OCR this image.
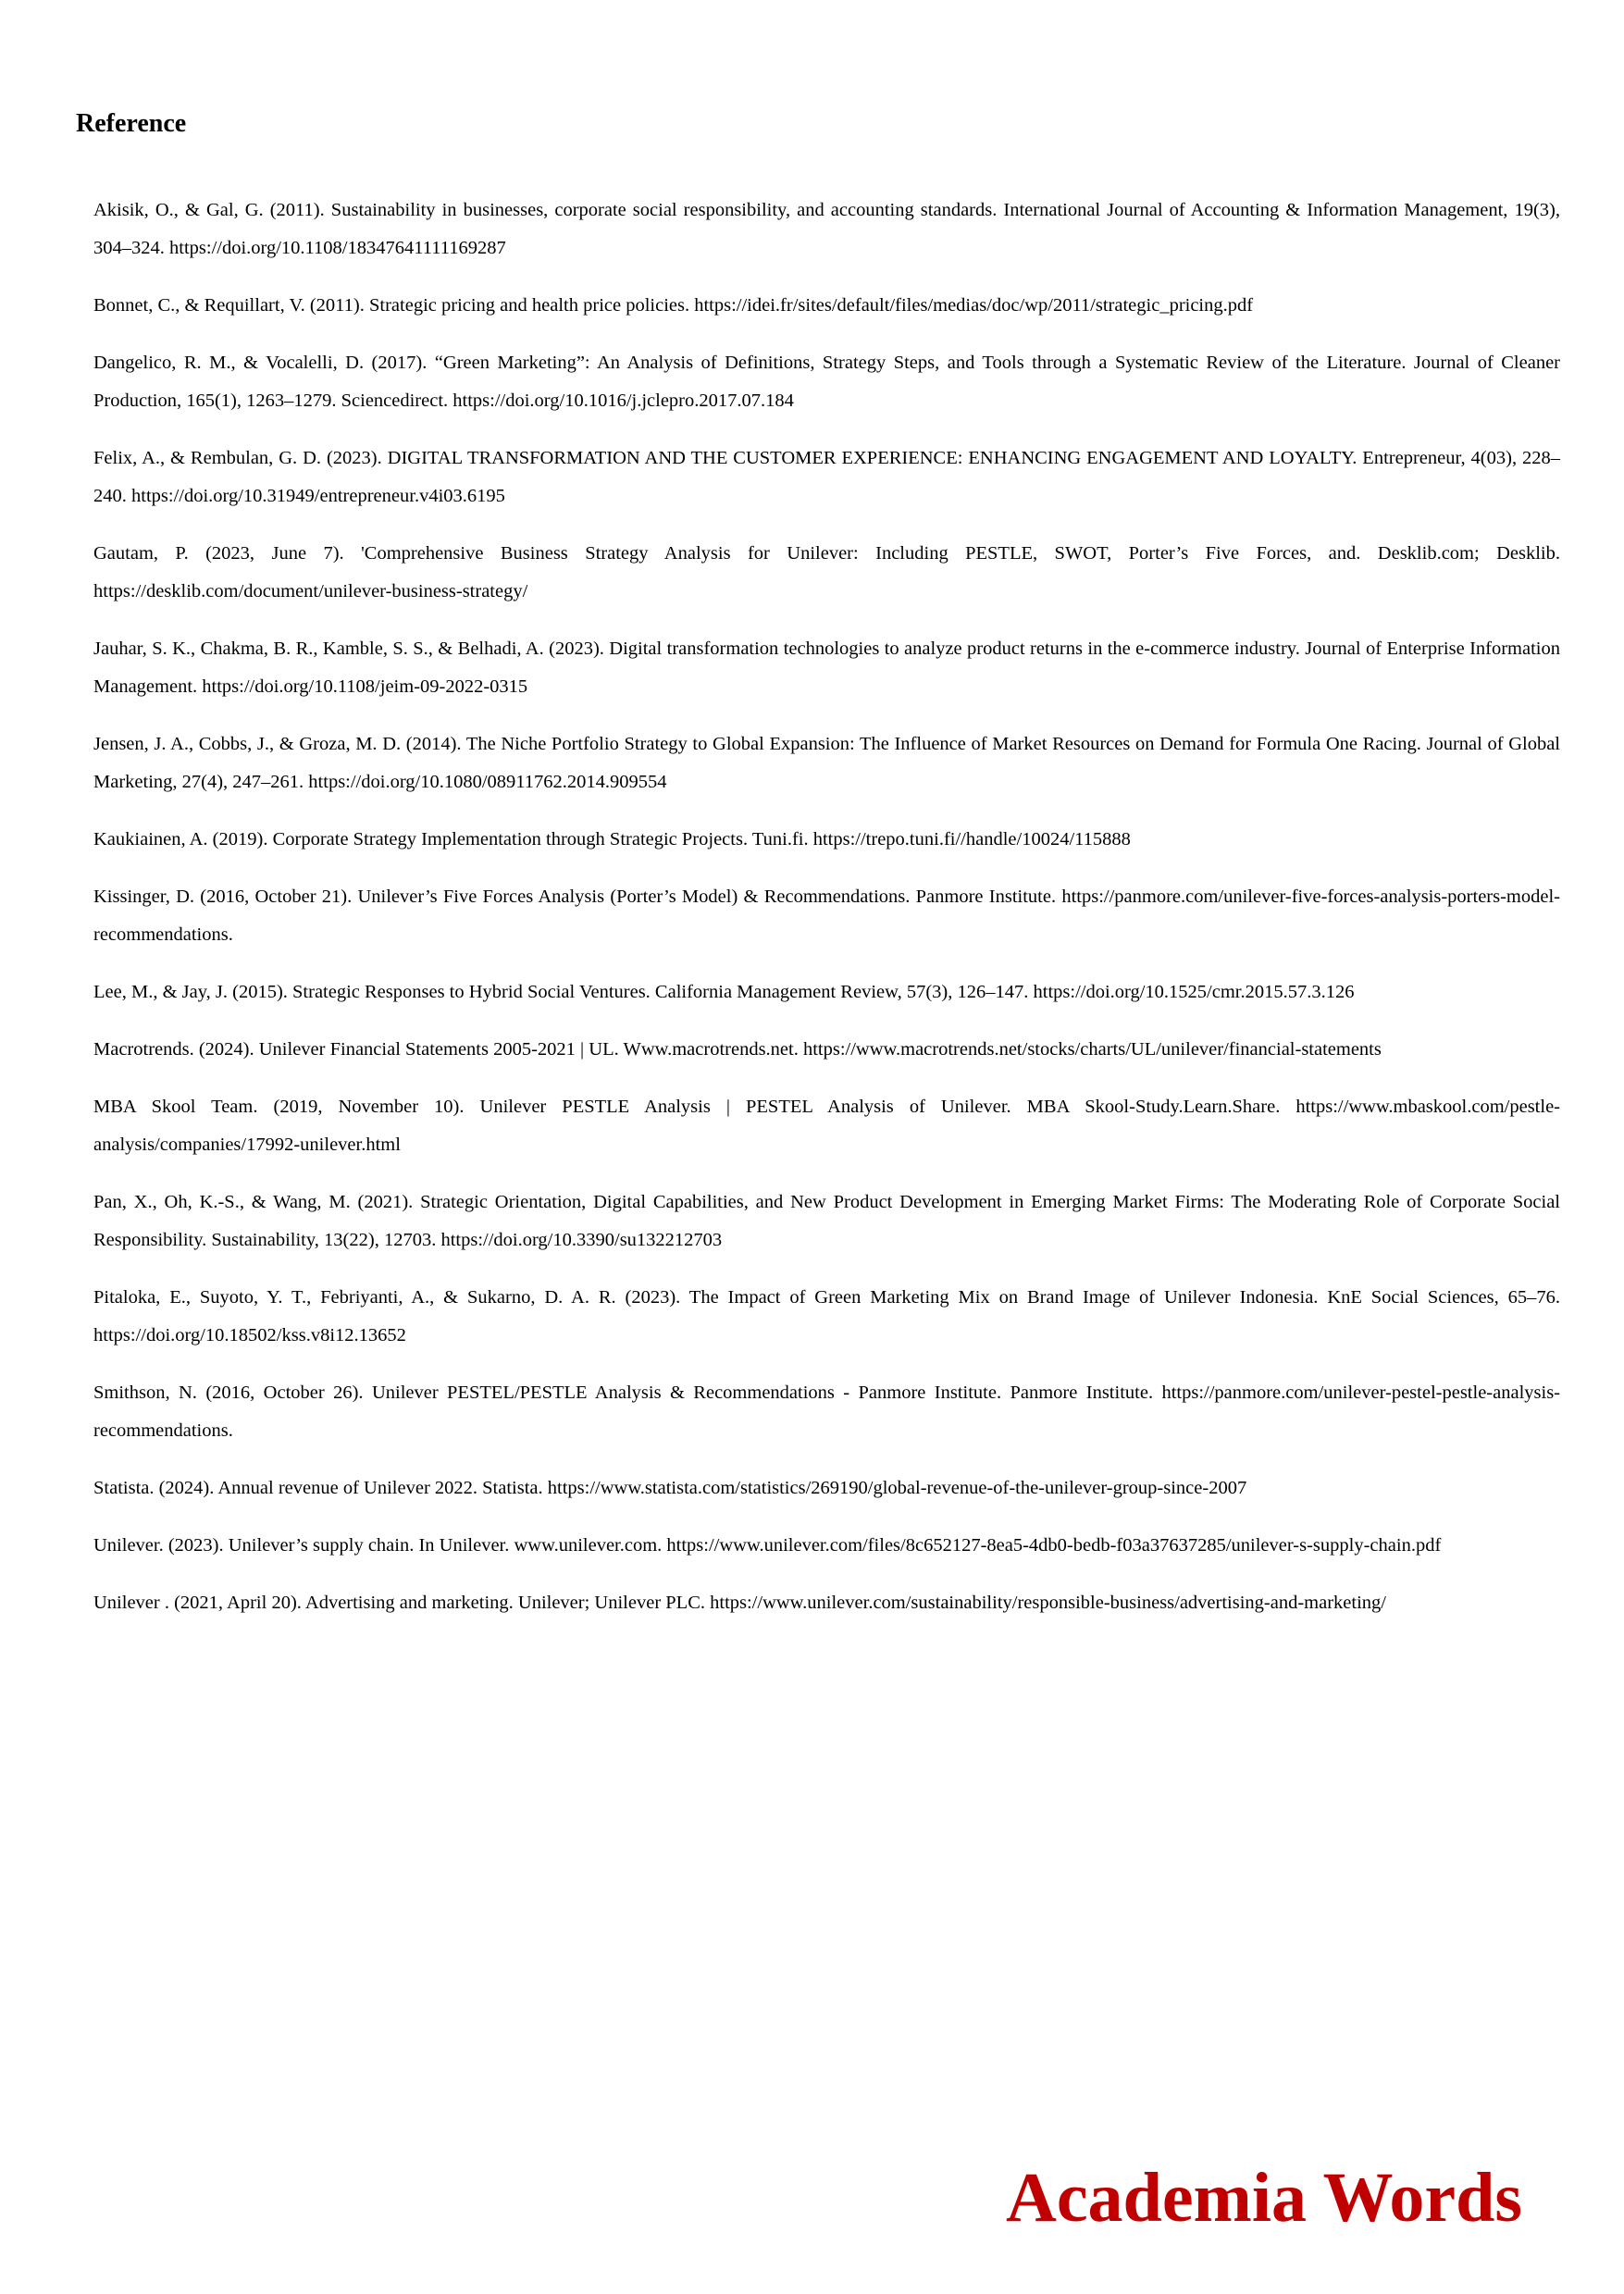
Reference
Akisik, O., & Gal, G. (2011). Sustainability in businesses, corporate social responsibility, and accounting standards. International Journal of Accounting & Information Management, 19(3), 304–324. https://doi.org/10.1108/18347641111169287
Bonnet, C., & Requillart, V. (2011). Strategic pricing and health price policies. https://idei.fr/sites/default/files/medias/doc/wp/2011/strategic_pricing.pdf
Dangelico, R. M., & Vocalelli, D. (2017). “Green Marketing”: An Analysis of Definitions, Strategy Steps, and Tools through a Systematic Review of the Literature. Journal of Cleaner Production, 165(1), 1263–1279. Sciencedirect. https://doi.org/10.1016/j.jclepro.2017.07.184
Felix, A., & Rembulan, G. D. (2023). DIGITAL TRANSFORMATION AND THE CUSTOMER EXPERIENCE: ENHANCING ENGAGEMENT AND LOYALTY. Entrepreneur, 4(03), 228–240. https://doi.org/10.31949/entrepreneur.v4i03.6195
Gautam, P. (2023, June 7). 'Comprehensive Business Strategy Analysis for Unilever: Including PESTLE, SWOT, Porter’s Five Forces, and. Desklib.com; Desklib. https://desklib.com/document/unilever-business-strategy/
Jauhar, S. K., Chakma, B. R., Kamble, S. S., & Belhadi, A. (2023). Digital transformation technologies to analyze product returns in the e-commerce industry. Journal of Enterprise Information Management. https://doi.org/10.1108/jeim-09-2022-0315
Jensen, J. A., Cobbs, J., & Groza, M. D. (2014). The Niche Portfolio Strategy to Global Expansion: The Influence of Market Resources on Demand for Formula One Racing. Journal of Global Marketing, 27(4), 247–261. https://doi.org/10.1080/08911762.2014.909554
Kaukiainen, A. (2019). Corporate Strategy Implementation through Strategic Projects. Tuni.fi. https://trepo.tuni.fi//handle/10024/115888
Kissinger, D. (2016, October 21). Unilever’s Five Forces Analysis (Porter’s Model) & Recommendations. Panmore Institute. https://panmore.com/unilever-five-forces-analysis-porters-model-recommendations.
Lee, M., & Jay, J. (2015). Strategic Responses to Hybrid Social Ventures. California Management Review, 57(3), 126–147. https://doi.org/10.1525/cmr.2015.57.3.126
Macrotrends. (2024). Unilever Financial Statements 2005-2021 | UL. Www.macrotrends.net. https://www.macrotrends.net/stocks/charts/UL/unilever/financial-statements
MBA Skool Team. (2019, November 10). Unilever PESTLE Analysis | PESTEL Analysis of Unilever. MBA Skool-Study.Learn.Share. https://www.mbaskool.com/pestle-analysis/companies/17992-unilever.html
Pan, X., Oh, K.-S., & Wang, M. (2021). Strategic Orientation, Digital Capabilities, and New Product Development in Emerging Market Firms: The Moderating Role of Corporate Social Responsibility. Sustainability, 13(22), 12703. https://doi.org/10.3390/su132212703
Pitaloka, E., Suyoto, Y. T., Febriyanti, A., & Sukarno, D. A. R. (2023). The Impact of Green Marketing Mix on Brand Image of Unilever Indonesia. KnE Social Sciences, 65–76. https://doi.org/10.18502/kss.v8i12.13652
Smithson, N. (2016, October 26). Unilever PESTEL/PESTLE Analysis & Recommendations - Panmore Institute. Panmore Institute. https://panmore.com/unilever-pestel-pestle-analysis-recommendations.
Statista. (2024). Annual revenue of Unilever 2022. Statista. https://www.statista.com/statistics/269190/global-revenue-of-the-unilever-group-since-2007
Unilever. (2023). Unilever’s supply chain. In Unilever. www.unilever.com. https://www.unilever.com/files/8c652127-8ea5-4db0-bedb-f03a37637285/unilever-s-supply-chain.pdf
Unilever . (2021, April 20). Advertising and marketing. Unilever; Unilever PLC. https://www.unilever.com/sustainability/responsible-business/advertising-and-marketing/
Academia Words
